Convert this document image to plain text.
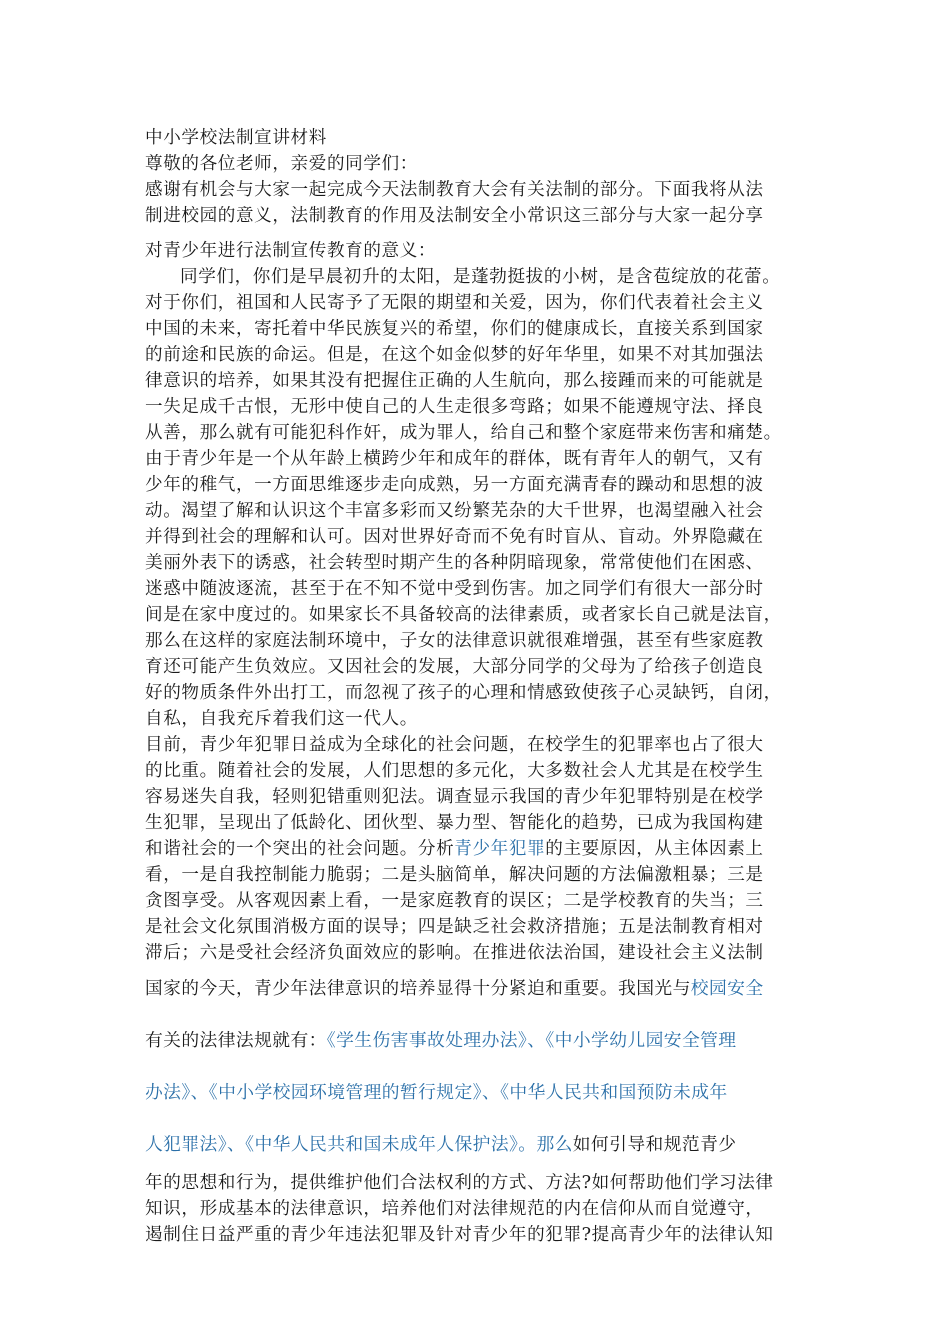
中小学校法制宣讲材料
尊敬的各位老师，亲爱的同学们：
感谢有机会与大家一起完成今天法制教育大会有关法制的部分。下面我将从法
制进校园的意义，法制教育的作用及法制安全小常识这三部分与大家一起分享
对青少年进行法制宣传教育的意义：
同学们，你们是早晨初升的太阳，是蓬勃挺拔的小树，是含苞绽放的花蕾。
对于你们，祖国和人民寄予了无限的期望和关爱，因为，你们代表着社会主义
中国的未来，寄托着中华民族复兴的希望，你们的健康成长，直接关系到国家
的前途和民族的命运。但是，在这个如金似梦的好年华里，如果不对其加强法
律意识的培养，如果其没有把握住正确的人生航向，那么接踵而来的可能就是
一失足成千古恨，无形中使自己的人生走很多弯路；如果不能遵规守法、择良
从善，那么就有可能犯科作奸，成为罪人，给自己和整个家庭带来伤害和痛楚。
由于青少年是一个从年龄上横跨少年和成年的群体，既有青年人的朝气，又有
少年的稚气，一方面思维逐步走向成熟，另一方面充满青春的躁动和思想的波
动。渴望了解和认识这个丰富多彩而又纷繁芜杂的大千世界，也渴望融入社会
并得到社会的理解和认可。因对世界好奇而不免有时盲从、盲动。外界隐藏在
美丽外表下的诱惑，社会转型时期产生的各种阴暗现象，常常使他们在困惑、
迷惑中随波逐流，甚至于在不知不觉中受到伤害。加之同学们有很大一部分时
间是在家中度过的。如果家长不具备较高的法律素质，或者家长自己就是法盲，
那么在这样的家庭法制环境中，子女的法律意识就很难增强，甚至有些家庭教
育还可能产生负效应。又因社会的发展，大部分同学的父母为了给孩子创造良
好的物质条件外出打工，而忽视了孩子的心理和情感致使孩子心灵缺钙，自闭，
自私，自我充斥着我们这一代人。
目前，青少年犯罪日益成为全球化的社会问题，在校学生的犯罪率也占了很大
的比重。随着社会的发展，人们思想的多元化，大多数社会人尤其是在校学生
容易迷失自我，轻则犯错重则犯法。调查显示我国的青少年犯罪特别是在校学
生犯罪，呈现出了低龄化、团伙型、暴力型、智能化的趋势，已成为我国构建
和谐社会的一个突出的社会问题。分析青少年犯罪的主要原因，从主体因素上
看，一是自我控制能力脆弱；二是头脑简单，解决问题的方法偏激粗暴；三是
贪图享受。从客观因素上看，一是家庭教育的误区；二是学校教育的失当；三
是社会文化氛围消极方面的误导；四是缺乏社会救济措施；五是法制教育相对
滞后；六是受社会经济负面效应的影响。在推进依法治国，建设社会主义法制
国家的今天，青少年法律意识的培养显得十分紧迫和重要。我国光与校园安全
有关的法律法规就有：《学生伤害事故处理办法》、《中小学幼儿园安全管理
办法》、《中小学校园环境管理的暂行规定》、《中华人民共和国预防未成年
人犯罪法》、《中华人民共和国未成年人保护法》。那么如何引导和规范青少
年的思想和行为，提供维护他们合法权利的方式、方法?如何帮助他们学习法律
知识，形成基本的法律意识，培养他们对法律规范的内在信仰从而自觉遵守，
遏制住日益严重的青少年违法犯罪及针对青少年的犯罪?提高青少年的法律认知
